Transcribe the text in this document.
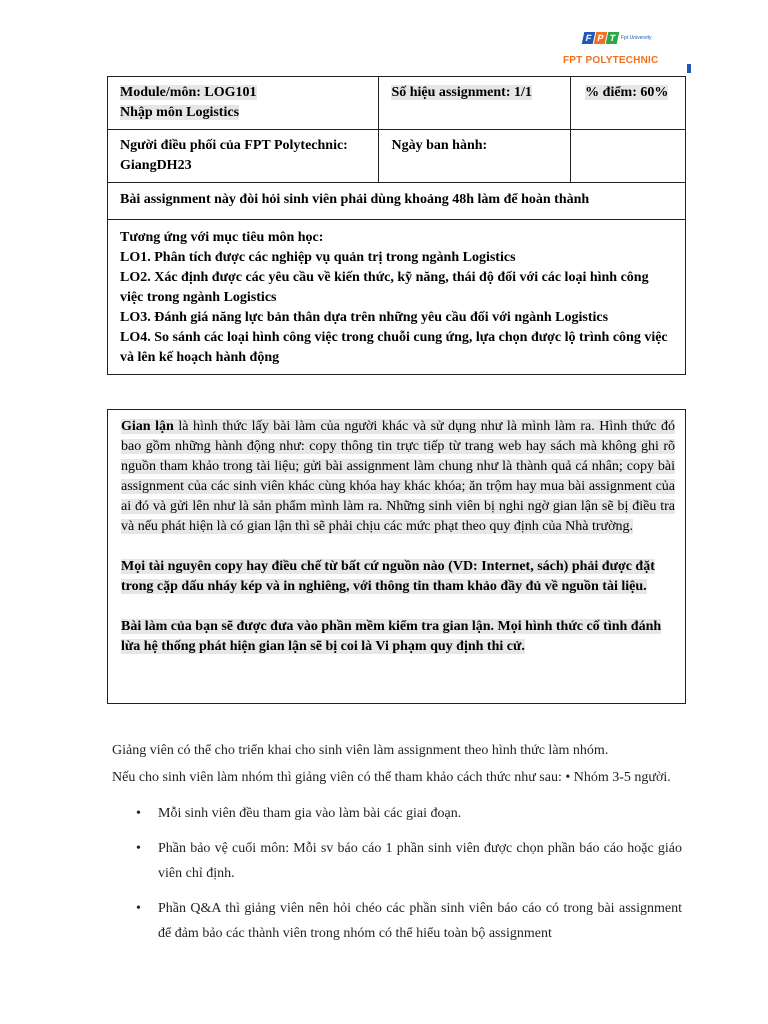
F P T Fpt University
FPT POLYTECHNIC
Module/môn: LOG101
Nhập môn Logistics	Số hiệu assignment: 1/1	% điểm: 60%
Người điều phối của FPT Polytechnic:
GiangDH23	Ngày ban hành:	
Bài assignment này đòi hỏi sinh viên phải dùng khoảng 48h làm để hoàn thành		

Tương ứng với mục tiêu môn học:
LO1. Phân tích được các nghiệp vụ quản trị trong ngành Logistics
LO2. Xác định được các yêu cầu về kiến thức, kỹ năng, thái độ đối với các loại hình công việc trong ngành Logistics
LO3. Đánh giá năng lực bản thân dựa trên những yêu cầu đối với ngành Logistics
LO4. So sánh các loại hình công việc trong chuỗi cung ứng, lựa chọn được lộ trình công việc và lên kế hoạch hành động		

Gian lận là hình thức lấy bài làm của người khác và sử dụng như là mình làm ra. Hình thức đó bao gồm những hành động như: copy thông tin trực tiếp từ trang web hay sách mà không ghi rõ nguồn tham khảo trong tài liệu; gửi bài assignment làm chung như là thành quả cá nhân; copy bài assignment của các sinh viên khác cùng khóa hay khác khóa; ăn trộm hay mua bài assignment của ai đó và gửi lên như là sản phẩm mình làm ra. Những sinh viên bị nghi ngờ gian lận sẽ bị điều tra và nếu phát hiện là có gian lận thì sẽ phải chịu các mức phạt theo quy định của Nhà trường.

Mọi tài nguyên copy hay điều chế từ bất cứ nguồn nào (VD: Internet, sách) phải được đặt trong cặp dấu nháy kép và in nghiêng, với thông tin tham khảo đầy đủ về nguồn tài liệu.

Bài làm của bạn sẽ được đưa vào phần mềm kiểm tra gian lận. Mọi hình thức cố tình đánh lừa hệ thống phát hiện gian lận sẽ bị coi là Vi phạm quy định thi cử.

Giảng viên có thể cho triển khai cho sinh viên làm assignment theo hình thức làm nhóm.

Nếu cho sinh viên làm nhóm thì giảng viên có thể tham khảo cách thức như sau: • Nhóm 3-5 người.

• Mỗi sinh viên đều tham gia vào làm bài các giai đoạn.
• Phần bảo vệ cuối môn: Mỗi sv báo cáo 1 phần sinh viên được chọn phần báo cáo hoặc giáo viên chỉ định.
• Phần Q&A thì giảng viên nên hỏi chéo các phần sinh viên báo cáo có trong bài assignment để đảm bảo các thành viên trong nhóm có thể hiểu toàn bộ assignment
